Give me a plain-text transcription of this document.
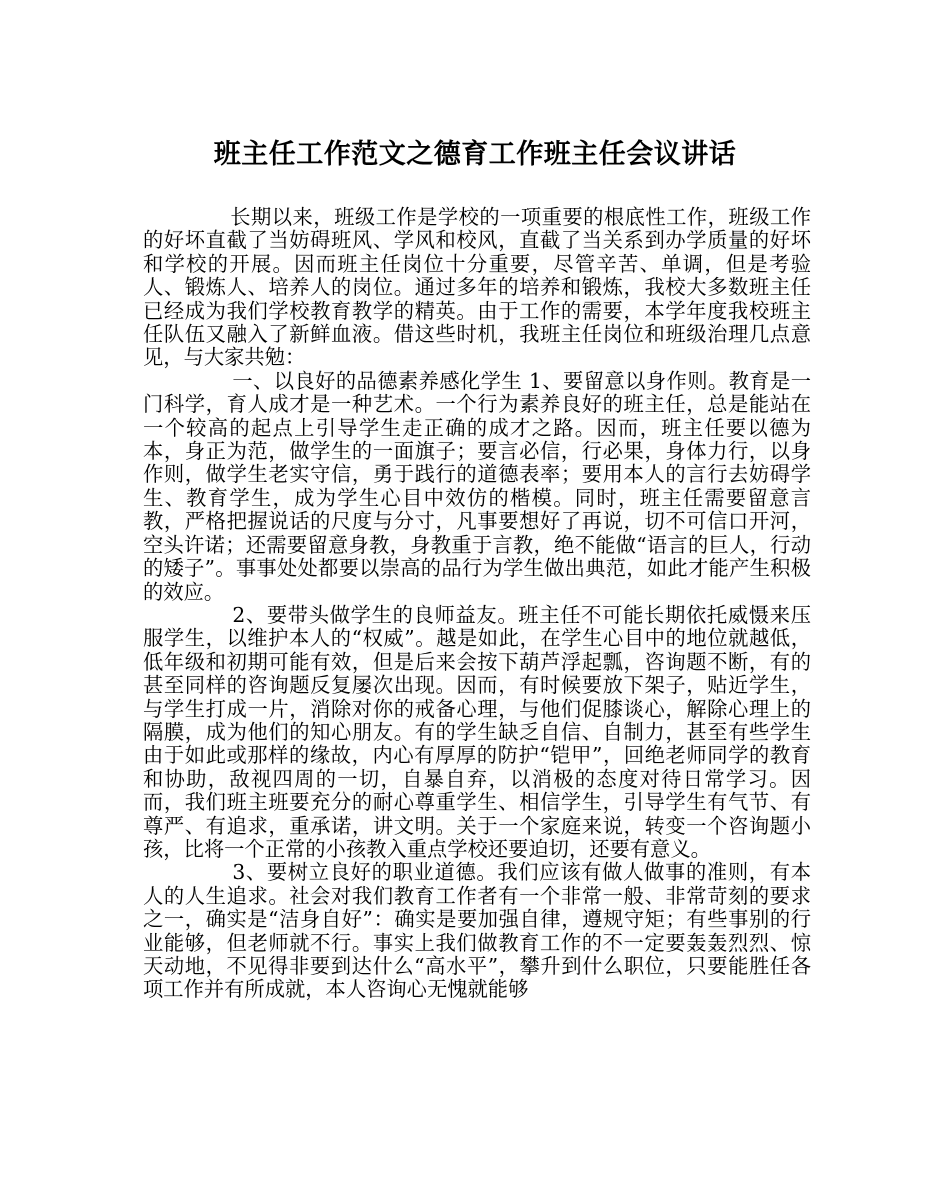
班主任工作范文之德育工作班主任会议讲话

长期以来，班级工作是学校的一项重要的根底性工作，班级工作的好坏直截了当妨碍班风、学风和校风，直截了当关系到办学质量的好坏和学校的开展。因而班主任岗位十分重要，尽管辛苦、单调，但是考验人、锻炼人、培养人的岗位。通过多年的培养和锻炼，我校大多数班主任已经成为我们学校教育教学的精英。由于工作的需要，本学年度我校班主任队伍又融入了新鲜血液。借这些时机，我班主任岗位和班级治理几点意见，与大家共勉：

一、以良好的品德素养感化学生 1、要留意以身作则。教育是一门科学，育人成才是一种艺术。一个行为素养良好的班主任，总是能站在一个较高的起点上引导学生走正确的成才之路。因而，班主任要以德为本，身正为范，做学生的一面旗子；要言必信，行必果，身体力行，以身作则，做学生老实守信，勇于践行的道德表率；要用本人的言行去妨碍学生、教育学生，成为学生心目中效仿的楷模。同时，班主任需要留意言教，严格把握说话的尺度与分寸，凡事要想好了再说，切不可信口开河，空头许诺；还需要留意身教，身教重于言教，绝不能做“语言的巨人，行动的矮子”。事事处处都要以崇高的品行为学生做出典范，如此才能产生积极的效应。

2、要带头做学生的良师益友。班主任不可能长期依托威慑来压服学生，以维护本人的“权威”。越是如此，在学生心目中的地位就越低，低年级和初期可能有效，但是后来会按下葫芦浮起瓢，咨询题不断，有的甚至同样的咨询题反复屡次出现。因而，有时候要放下架子，贴近学生，与学生打成一片，消除对你的戒备心理，与他们促膝谈心，解除心理上的隔膜，成为他们的知心朋友。有的学生缺乏自信、自制力，甚至有些学生由于如此或那样的缘故，内心有厚厚的防护“铠甲”，回绝老师同学的教育和协助，敌视四周的一切，自暴自弃，以消极的态度对待日常学习。因而，我们班主班要充分的耐心尊重学生、相信学生，引导学生有气节、有尊严、有追求，重承诺，讲文明。关于一个家庭来说，转变一个咨询题小孩，比将一个正常的小孩教入重点学校还要迫切，还要有意义。

3、要树立良好的职业道德。我们应该有做人做事的准则，有本人的人生追求。社会对我们教育工作者有一个非常一般、非常苛刻的要求之一，确实是“洁身自好”：确实是要加强自律，遵规守矩；有些事别的行业能够，但老师就不行。事实上我们做教育工作的不一定要轰轰烈烈、惊天动地，不见得非要到达什么“高水平”，攀升到什么职位，只要能胜任各项工作并有所成就，本人咨询心无愧就能够
